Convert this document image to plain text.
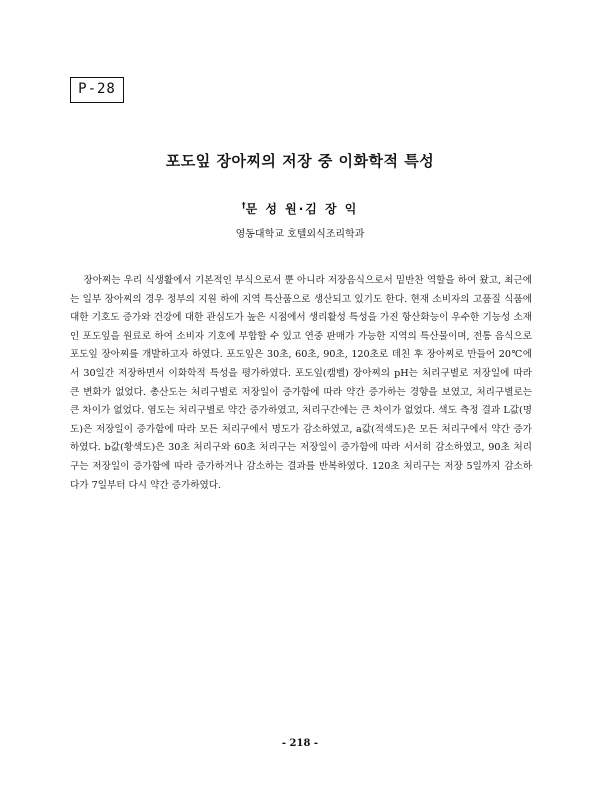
P-28
포도잎 장아찌의 저장 중 이화학적 특성
†문 성 원·김 장 익
영동대학교 호텔외식조리학과

장아찌는 우리 식생활에서 기본적인 부식으로서 뿐 아니라 저장음식으로서 밑반찬 역할을 하여 왔고, 최근에는 일부 장아찌의 경우 정부의 지원 하에 지역 특산품으로 생산되고 있기도 한다. 현재 소비자의 고품질 식품에 대한 기호도 증가와 건강에 대한 관심도가 높은 시점에서 생리활성 특성을 가진 항산화능이 우수한 기능성 소재인 포도잎을 원료로 하여 소비자 기호에 부합할 수 있고 연중 판매가 가능한 지역의 특산물이며, 전통 음식으로 포도잎 장아찌를 개발하고자 하였다. 포도잎은 30초, 60초, 90초, 120초로 데친 후 장아찌로 만들어 20℃에서 30일간 저장하면서 이화학적 특성을 평가하였다. 포도잎(캠벨) 장아찌의 pH는 처리구별로 저장일에 따라 큰 변화가 없었다. 총산도는 처리구별로 저장일이 증가함에 따라 약간 증가하는 경향을 보였고, 처리구별로는 큰 차이가 없었다. 염도는 처리구별로 약간 증가하였고, 처리구간에는 큰 차이가 없었다. 색도 측정 결과 L값(명도)은 저장일이 증가함에 따라 모든 처리구에서 명도가 감소하였고, a값(적색도)은 모든 처리구에서 약간 증가하였다. b값(황색도)은 30초 처리구와 60초 처리구는 저장일이 증가함에 따라 서서히 감소하였고, 90초 처리구는 저장일이 증가함에 따라 증가하거나 감소하는 결과를 반복하였다. 120초 처리구는 저장 5일까지 감소하다가 7일부터 다시 약간 증가하였다.

- 218 -
